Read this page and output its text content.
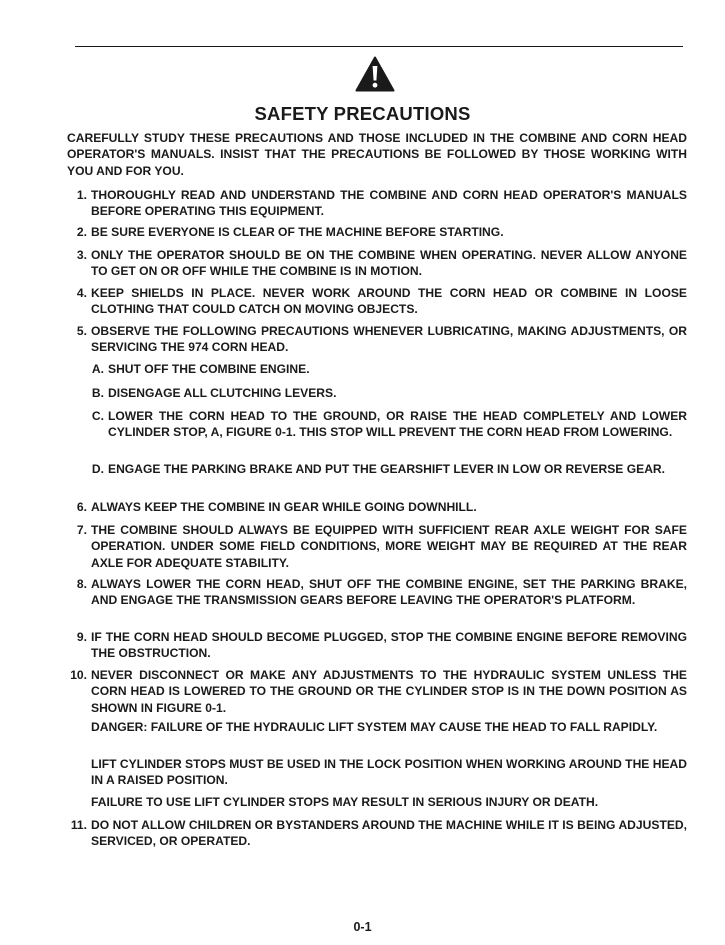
SAFETY PRECAUTIONS

CAREFULLY STUDY THESE PRECAUTIONS AND THOSE INCLUDED IN THE COMBINE AND CORN HEAD OPERATOR'S MANUALS. INSIST THAT THE PRECAUTIONS BE FOLLOWED BY THOSE WORKING WITH YOU AND FOR YOU.

1. THOROUGHLY READ AND UNDERSTAND THE COMBINE AND CORN HEAD OPERATOR'S MANUALS BEFORE OPERATING THIS EQUIPMENT.
2. BE SURE EVERYONE IS CLEAR OF THE MACHINE BEFORE STARTING.
3. ONLY THE OPERATOR SHOULD BE ON THE COMBINE WHEN OPERATING. NEVER ALLOW ANYONE TO GET ON OR OFF WHILE THE COMBINE IS IN MOTION.
4. KEEP SHIELDS IN PLACE. NEVER WORK AROUND THE CORN HEAD OR COMBINE IN LOOSE CLOTHING THAT COULD CATCH ON MOVING OBJECTS.
5. OBSERVE THE FOLLOWING PRECAUTIONS WHENEVER LUBRICATING, MAKING ADJUSTMENTS, OR SERVICING THE 974 CORN HEAD.
A. SHUT OFF THE COMBINE ENGINE.
B. DISENGAGE ALL CLUTCHING LEVERS.
C. LOWER THE CORN HEAD TO THE GROUND, OR RAISE THE HEAD COMPLETELY AND LOWER CYLINDER STOP, A, FIGURE 0-1. THIS STOP WILL PREVENT THE CORN HEAD FROM LOWERING.
D. ENGAGE THE PARKING BRAKE AND PUT THE GEARSHIFT LEVER IN LOW OR REVERSE GEAR.
6. ALWAYS KEEP THE COMBINE IN GEAR WHILE GOING DOWNHILL.
7. THE COMBINE SHOULD ALWAYS BE EQUIPPED WITH SUFFICIENT REAR AXLE WEIGHT FOR SAFE OPERATION. UNDER SOME FIELD CONDITIONS, MORE WEIGHT MAY BE REQUIRED AT THE REAR AXLE FOR ADEQUATE STABILITY.
8. ALWAYS LOWER THE CORN HEAD, SHUT OFF THE COMBINE ENGINE, SET THE PARKING BRAKE, AND ENGAGE THE TRANSMISSION GEARS BEFORE LEAVING THE OPERATOR'S PLATFORM.
9. IF THE CORN HEAD SHOULD BECOME PLUGGED, STOP THE COMBINE ENGINE BEFORE REMOVING THE OBSTRUCTION.
10. NEVER DISCONNECT OR MAKE ANY ADJUSTMENTS TO THE HYDRAULIC SYSTEM UNLESS THE CORN HEAD IS LOWERED TO THE GROUND OR THE CYLINDER STOP IS IN THE DOWN POSITION AS SHOWN IN FIGURE 0-1.
DANGER: FAILURE OF THE HYDRAULIC LIFT SYSTEM MAY CAUSE THE HEAD TO FALL RAPIDLY.
LIFT CYLINDER STOPS MUST BE USED IN THE LOCK POSITION WHEN WORKING AROUND THE HEAD IN A RAISED POSITION.
FAILURE TO USE LIFT CYLINDER STOPS MAY RESULT IN SERIOUS INJURY OR DEATH.
11. DO NOT ALLOW CHILDREN OR BYSTANDERS AROUND THE MACHINE WHILE IT IS BEING ADJUSTED, SERVICED, OR OPERATED.
0-1
